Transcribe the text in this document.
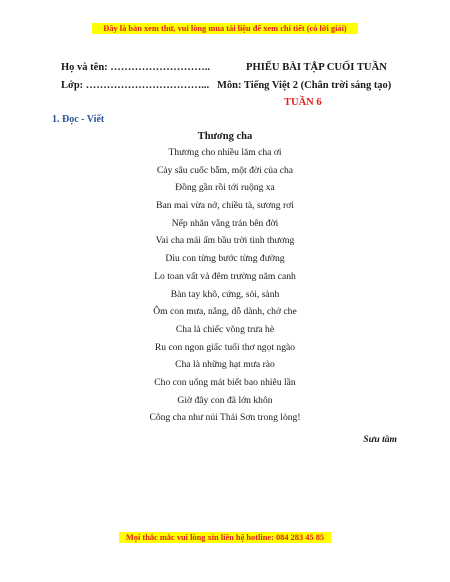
Đây là bản xem thử, vui lòng mua tài liệu để xem chi tiết (có lời giải)
Họ và tên: ………………………..	PHIẾU BÀI TẬP CUỐI TUẦN
Lớp: ……………………………... Môn: Tiếng Việt 2 (Chân trời sáng tạo)
TUẦN 6
1. Đọc - Viết
Thương cha
Thương cho nhiều lăm cha ơi
Cày sâu cuốc bẫm, một đời của cha
Đồng gần rồi tới ruộng xa
Ban mai vừa nở, chiều tà, sương rơi
Nếp nhăn vằng trán bên đời
Vai cha mái ấm bầu trời tình thương
Dìu con từng bước từng đường
Lo toan vất vả đêm trường năm canh
Bàn tay khô, cứng, sỏi, sành
Ôm con mưa, nắng, dỗ dành, chở che
Cha là chiếc võng trưa hè
Ru con ngon giấc tuổi thơ ngọt ngào
Cha là những hạt mưa rào
Cho con uống mát biết bao nhiêu lần
Giờ đây con đã lớn khôn
Công cha như núi Thái Sơn trong lòng!
Sưu tầm
Mọi thắc mắc vui lòng xin liên hệ hotline: 084 283 45 85
